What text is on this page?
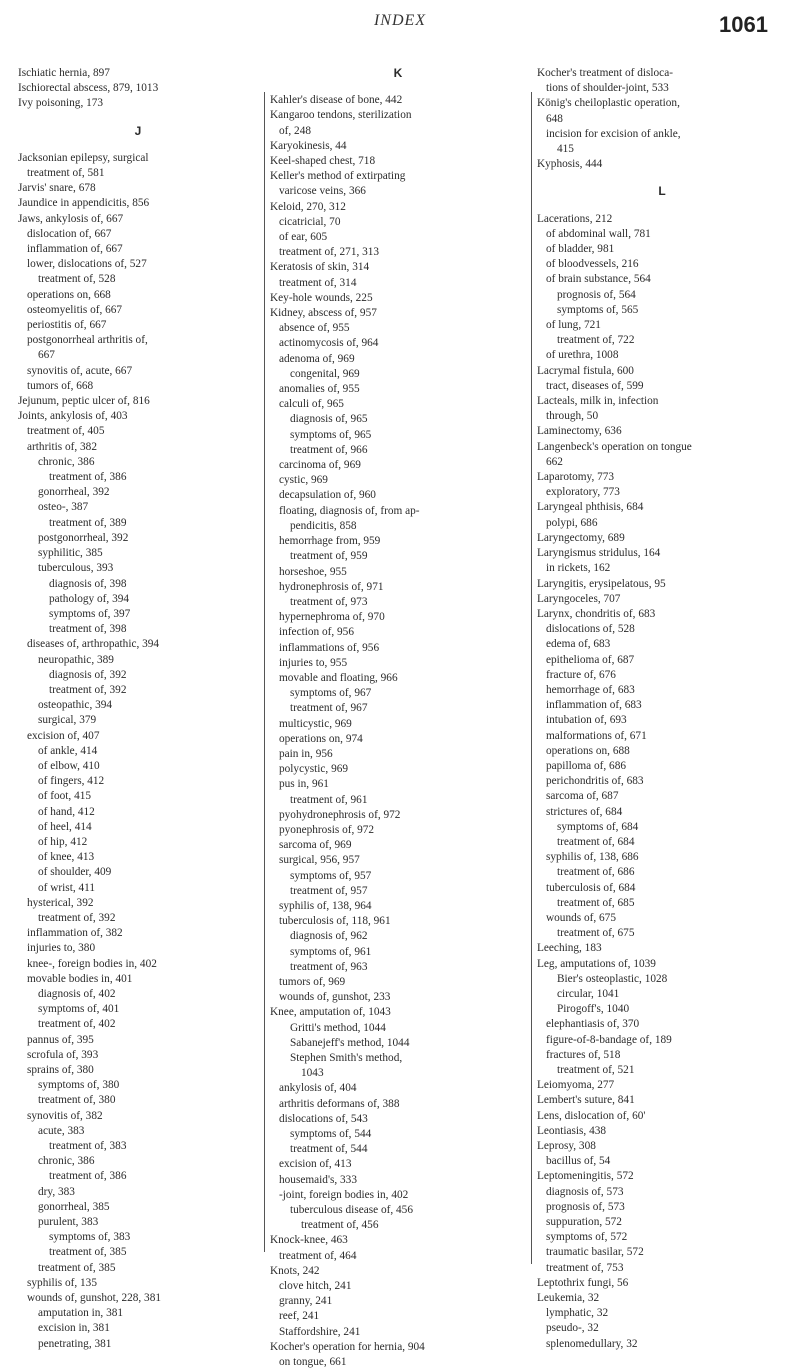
INDEX	1061
Ischiatic hernia, 897
Ischiorectal abscess, 879, 1013
Ivy poisoning, 173
J
Jacksonian epilepsy, surgical
treatment of, 581
Jarvis' snare, 678
Jaundice in appendicitis, 856
Jaws, ankylosis of, 667
dislocation of, 667
inflammation of, 667
lower, dislocations of, 527
treatment of, 528
operations on, 668
osteomyelitis of, 667
periostitis of, 667
postgonorrheal arthritis of,
667
synovitis of, acute, 667
tumors of, 668
Jejunum, peptic ulcer of, 816
Joints, ankylosis of, 403
treatment of, 405
arthritis of, 382
chronic, 386
treatment of, 386
gonorrheal, 392
osteo-, 387
treatment of, 389
postgonorrheal, 392
syphilitic, 385
tuberculous, 393
diagnosis of, 398
pathology of, 394
symptoms of, 397
treatment of, 398
diseases of, arthropathic, 394
neuropathic, 389
diagnosis of, 392
treatment of, 392
osteopathic, 394
surgical, 379
excision of, 407
of ankle, 414
of elbow, 410
of fingers, 412
of foot, 415
of hand, 412
of heel, 414
of hip, 412
of knee, 413
of shoulder, 409
of wrist, 411
hysterical, 392
treatment of, 392
inflammation of, 382
injuries to, 380
knee-, foreign bodies in, 402
movable bodies in, 401
diagnosis of, 402
symptoms of, 401
treatment of, 402
pannus of, 395
scrofula of, 393
sprains of, 380
symptoms of, 380
treatment of, 380
synovitis of, 382
acute, 383
treatment of, 383
chronic, 386
treatment of, 386
dry, 383
gonorrheal, 385
purulent, 383
symptoms of, 383
treatment of, 385
treatment of, 385
syphilis of, 135
wounds of, gunshot, 228, 381
amputation in, 381
excision in, 381
penetrating, 381
K
Kahler's disease of bone, 442
Kangaroo tendons, sterilization
of, 248
Karyokinesis, 44
Keel-shaped chest, 718
Keller's method of extirpating
varicose veins, 366
Keloid, 270, 312
cicatricial, 70
of ear, 605
treatment of, 271, 313
Keratosis of skin, 314
treatment of, 314
Key-hole wounds, 225
Kidney, abscess of, 957
absence of, 955
actinomycosis of, 964
adenoma of, 969
congenital, 969
anomalies of, 955
calculi of, 965
diagnosis of, 965
symptoms of, 965
treatment of, 966
carcinoma of, 969
cystic, 969
decapsulation of, 960
floating, diagnosis of, from ap-
pendicitis, 858
hemorrhage from, 959
treatment of, 959
horseshoe, 955
hydronephrosis of, 971
treatment of, 973
hypernephroma of, 970
infection of, 956
inflammations of, 956
injuries to, 955
movable and floating, 966
symptoms of, 967
treatment of, 967
multicystic, 969
operations on, 974
pain in, 956
polycystic, 969
pus in, 961
treatment of, 961
pyohydronephrosis of, 972
pyonephrosis of, 972
sarcoma of, 969
surgical, 956, 957
symptoms of, 957
treatment of, 957
syphilis of, 138, 964
tuberculosis of, 118, 961
diagnosis of, 962
symptoms of, 961
treatment of, 963
tumors of, 969
wounds of, gunshot, 233
Knee, amputation of, 1043
Gritti's method, 1044
Sabanejeff's method, 1044
Stephen Smith's method,
1043
ankylosis of, 404
arthritis deformans of, 388
dislocations of, 543
symptoms of, 544
treatment of, 544
excision of, 413
housemaid's, 333
-joint, foreign bodies in, 402
tuberculous disease of, 456
treatment of, 456
Knock-knee, 463
treatment of, 464
Knots, 242
clove hitch, 241
granny, 241
reef, 241
Staffordshire, 241
Kocher's operation for hernia, 904
on tongue, 661
Kocher's treatment of disloca-
tions of shoulder-joint, 533
König's cheiloplastic operation,
648
incision for excision of ankle,
415
Kyphosis, 444
L
Lacerations, 212
of abdominal wall, 781
of bladder, 981
of bloodvessels, 216
of brain substance, 564
prognosis of, 564
symptoms of, 565
of lung, 721
treatment of, 722
of urethra, 1008
Lacrymal fistula, 600
tract, diseases of, 599
Lacteals, milk in, infection
through, 50
Laminectomy, 636
Langenbeck's operation on tongue
662
Laparotomy, 773
exploratory, 773
Laryngeal phthisis, 684
polypi, 686
Laryngectomy, 689
Laryngismus stridulus, 164
in rickets, 162
Laryngitis, erysipelatous, 95
Laryngoceles, 707
Larynx, chondritis of, 683
dislocations of, 528
edema of, 683
epithelioma of, 687
fracture of, 676
hemorrhage of, 683
inflammation of, 683
intubation of, 693
malformations of, 671
operations on, 688
papilloma of, 686
perichondritis of, 683
sarcoma of, 687
strictures of, 684
symptoms of, 684
treatment of, 684
syphilis of, 138, 686
treatment of, 686
tuberculosis of, 684
treatment of, 685
wounds of, 675
treatment of, 675
Leeching, 183
Leg, amputations of, 1039
Bier's osteoplastic, 1028
circular, 1041
Pirogoff's, 1040
elephantiasis of, 370
figure-of-8-bandage of, 189
fractures of, 518
treatment of, 521
Leiomyoma, 277
Lembert's suture, 841
Lens, dislocation of, 60'
Leontiasis, 438
Leprosy, 308
bacillus of, 54
Leptomeningitis, 572
diagnosis of, 573
prognosis of, 573
suppuration, 572
symptoms of, 572
traumatic basilar, 572
treatment of, 753
Leptothrix fungi, 56
Leukemia, 32
lymphatic, 32
pseudo-, 32
splenomedullary, 32
